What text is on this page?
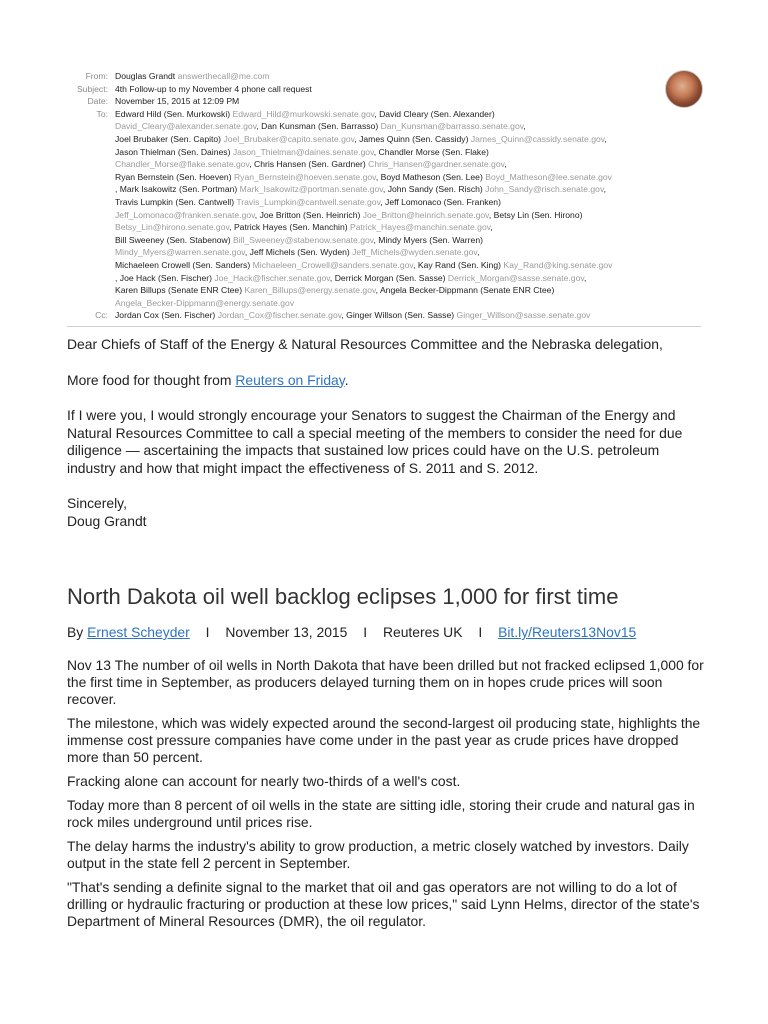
From: Douglas Grandt answerthecall@me.com
Subject: 4th Follow-up to my November 4 phone call request
Date: November 15, 2015 at 12:09 PM
To: Edward Hild (Sen. Murkowski) Edward_Hild@murkowski.senate.gov, David Cleary (Sen. Alexander)
David_Cleary@alexander.senate.gov, Dan Kunsman (Sen. Barrasso) Dan_Kunsman@barrasso.senate.gov,
Joel Brubaker (Sen. Capito) Joel_Brubaker@capito.senate.gov, James Quinn (Sen. Cassidy) James_Quinn@cassidy.senate.gov,
Jason Thielman (Sen. Daines) Jason_Thielman@daines.senate.gov, Chandler Morse (Sen. Flake)
Chandler_Morse@flake.senate.gov, Chris Hansen (Sen. Gardner) Chris_Hansen@gardner.senate.gov,
Ryan Bernstein (Sen. Hoeven) Ryan_Bernstein@hoeven.senate.gov, Boyd Matheson (Sen. Lee) Boyd_Matheson@lee.senate.gov
, Mark Isakowitz (Sen. Portman) Mark_Isakowitz@portman.senate.gov, John Sandy (Sen. Risch) John_Sandy@risch.senate.gov,
Travis Lumpkin (Sen. Cantwell) Travis_Lumpkin@cantwell.senate.gov, Jeff Lomonaco (Sen. Franken)
Jeff_Lomonaco@franken.senate.gov, Joe Britton (Sen. Heinrich) Joe_Britton@heinrich.senate.gov, Betsy Lin (Sen. Hirono)
Betsy_Lin@hirono.senate.gov, Patrick Hayes (Sen. Manchin) Patrick_Hayes@manchin.senate.gov,
Bill Sweeney (Sen. Stabenow) Bill_Sweeney@stabenow.senate.gov, Mindy Myers (Sen. Warren)
Mindy_Myers@warren.senate.gov, Jeff Michels (Sen. Wyden) Jeff_Michels@wyden.senate.gov,
Michaeleen Crowell (Sen. Sanders) Michaeleen_Crowell@sanders.senate.gov, Kay Rand (Sen. King) Kay_Rand@king.senate.gov
, Joe Hack (Sen. Fischer) Joe_Hack@fischer.senate.gov, Derrick Morgan (Sen. Sasse) Derrick_Morgan@sasse.senate.gov,
Karen Billups (Senate ENR Ctee) Karen_Billups@energy.senate.gov, Angela Becker-Dippmann (Senate ENR Ctee)
Angela_Becker-Dippmann@energy.senate.gov
Cc: Jordan Cox (Sen. Fischer) Jordan_Cox@fischer.senate.gov, Ginger Willson (Sen. Sasse) Ginger_Willson@sasse.senate.gov

Dear Chiefs of Staff of the Energy & Natural Resources Committee and the Nebraska delegation,

More food for thought from Reuters on Friday.

If I were you, I would strongly encourage your Senators to suggest the Chairman of the Energy and Natural Resources Committee to call a special meeting of the members to consider the need for due diligence — ascertaining the impacts that sustained low prices could have on the U.S. petroleum industry and how that might impact the effectiveness of S. 2011 and S. 2012.

Sincerely,
Doug Grandt
North Dakota oil well backlog eclipses 1,000 for first time
By Ernest Scheyder I November 13, 2015 I Reuteres UK I Bit.ly/Reuters13Nov15

Nov 13 The number of oil wells in North Dakota that have been drilled but not fracked eclipsed 1,000 for the first time in September, as producers delayed turning them on in hopes crude prices will soon recover.

The milestone, which was widely expected around the second-largest oil producing state, highlights the immense cost pressure companies have come under in the past year as crude prices have dropped more than 50 percent.

Fracking alone can account for nearly two-thirds of a well's cost.

Today more than 8 percent of oil wells in the state are sitting idle, storing their crude and natural gas in rock miles underground until prices rise.

The delay harms the industry's ability to grow production, a metric closely watched by investors. Daily output in the state fell 2 percent in September.

"That's sending a definite signal to the market that oil and gas operators are not willing to do a lot of drilling or hydraulic fracturing or production at these low prices," said Lynn Helms, director of the state's Department of Mineral Resources (DMR), the oil regulator.
